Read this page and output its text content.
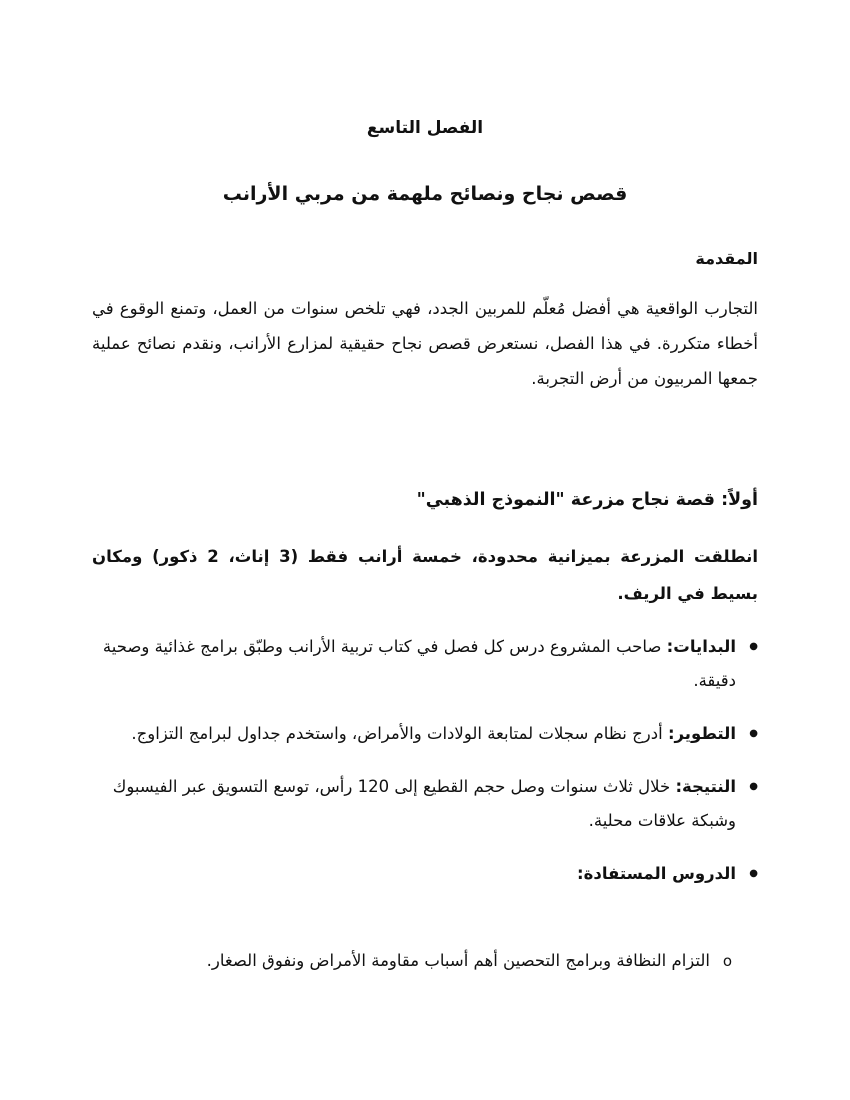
الفصل التاسع
قصص نجاح ونصائح ملهمة من مربي الأرانب
المقدمة

التجارب الواقعية هي أفضل مُعلّم للمربين الجدد، فهي تلخص سنوات من العمل، وتمنع الوقوع في أخطاء متكررة. في هذا الفصل، نستعرض قصص نجاح حقيقية لمزارع الأرانب، ونقدم نصائح عملية جمعها المربيون من أرض التجربة.

أولاً: قصة نجاح مزرعة "النموذج الذهبي"

انطلقت المزرعة بميزانية محدودة، خمسة أرانب فقط (3 إناث، 2 ذكور) ومكان بسيط في الريف.

● البدايات: صاحب المشروع درس كل فصل في كتاب تربية الأرانب وطبّق برامج غذائية وصحية دقيقة.
● التطوير: أدرج نظام سجلات لمتابعة الولادات والأمراض، واستخدم جداول لبرامج التزاوج.
● النتيجة: خلال ثلاث سنوات وصل حجم القطيع إلى 120 رأس، توسع التسويق عبر الفيسبوك وشبكة علاقات محلية.
● الدروس المستفادة:

o التزام النظافة وبرامج التحصين أهم أسباب مقاومة الأمراض ونفوق الصغار.
